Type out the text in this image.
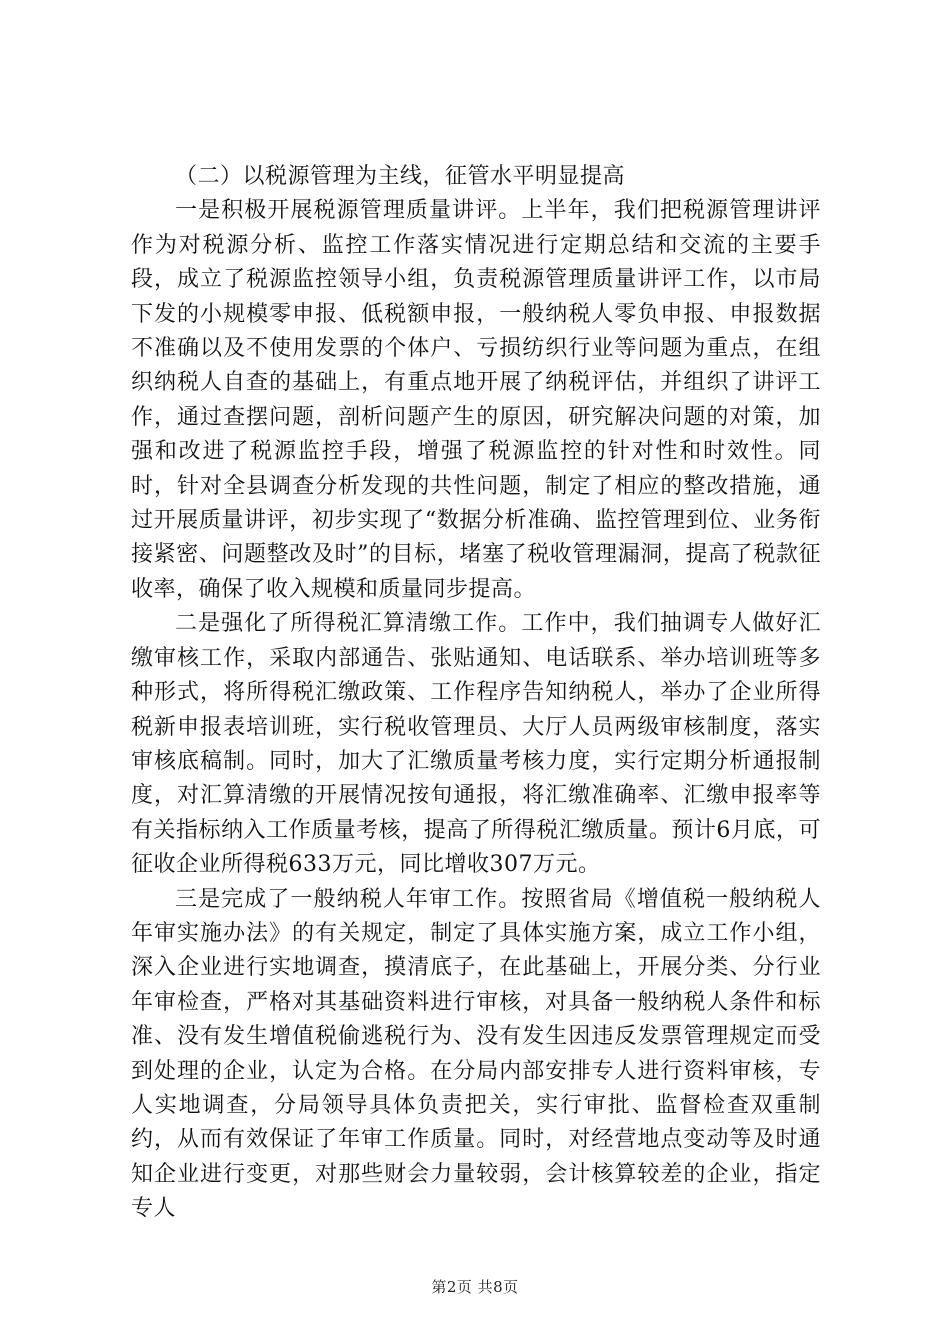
（二）以税源管理为主线，征管水平明显提高

一是积极开展税源管理质量讲评。上半年，我们把税源管理讲评作为对税源分析、监控工作落实情况进行定期总结和交流的主要手段，成立了税源监控领导小组，负责税源管理质量讲评工作，以市局下发的小规模零申报、低税额申报，一般纳税人零负申报、申报数据不准确以及不使用发票的个体户、亏损纺织行业等问题为重点，在组织纳税人自查的基础上，有重点地开展了纳税评估，并组织了讲评工作，通过查摆问题，剖析问题产生的原因，研究解决问题的对策，加强和改进了税源监控手段，增强了税源监控的针对性和时效性。同时，针对全县调查分析发现的共性问题，制定了相应的整改措施，通过开展质量讲评，初步实现了“数据分析准确、监控管理到位、业务衔接紧密、问题整改及时”的目标，堵塞了税收管理漏洞，提高了税款征收率，确保了收入规模和质量同步提高。

二是强化了所得税汇算清缴工作。工作中，我们抽调专人做好汇缴审核工作，采取内部通告、张贴通知、电话联系、举办培训班等多种形式，将所得税汇缴政策、工作程序告知纳税人，举办了企业所得税新申报表培训班，实行税收管理员、大厅人员两级审核制度，落实审核底稿制。同时，加大了汇缴质量考核力度，实行定期分析通报制度，对汇算清缴的开展情况按旬通报，将汇缴准确率、汇缴申报率等有关指标纳入工作质量考核，提高了所得税汇缴质量。预计6月底，可征收企业所得税633万元，同比增收307万元。

三是完成了一般纳税人年审工作。按照省局《增值税一般纳税人年审实施办法》的有关规定，制定了具体实施方案，成立工作小组，深入企业进行实地调查，摸清底子，在此基础上，开展分类、分行业年审检查，严格对其基础资料进行审核，对具备一般纳税人条件和标准、没有发生增值税偷逃税行为、没有发生因违反发票管理规定而受到处理的企业，认定为合格。在分局内部安排专人进行资料审核，专人实地调查，分局领导具体负责把关，实行审批、监督检查双重制约，从而有效保证了年审工作质量。同时，对经营地点变动等及时通知企业进行变更，对那些财会力量较弱，会计核算较差的企业，指定专人

第2页 共8页
